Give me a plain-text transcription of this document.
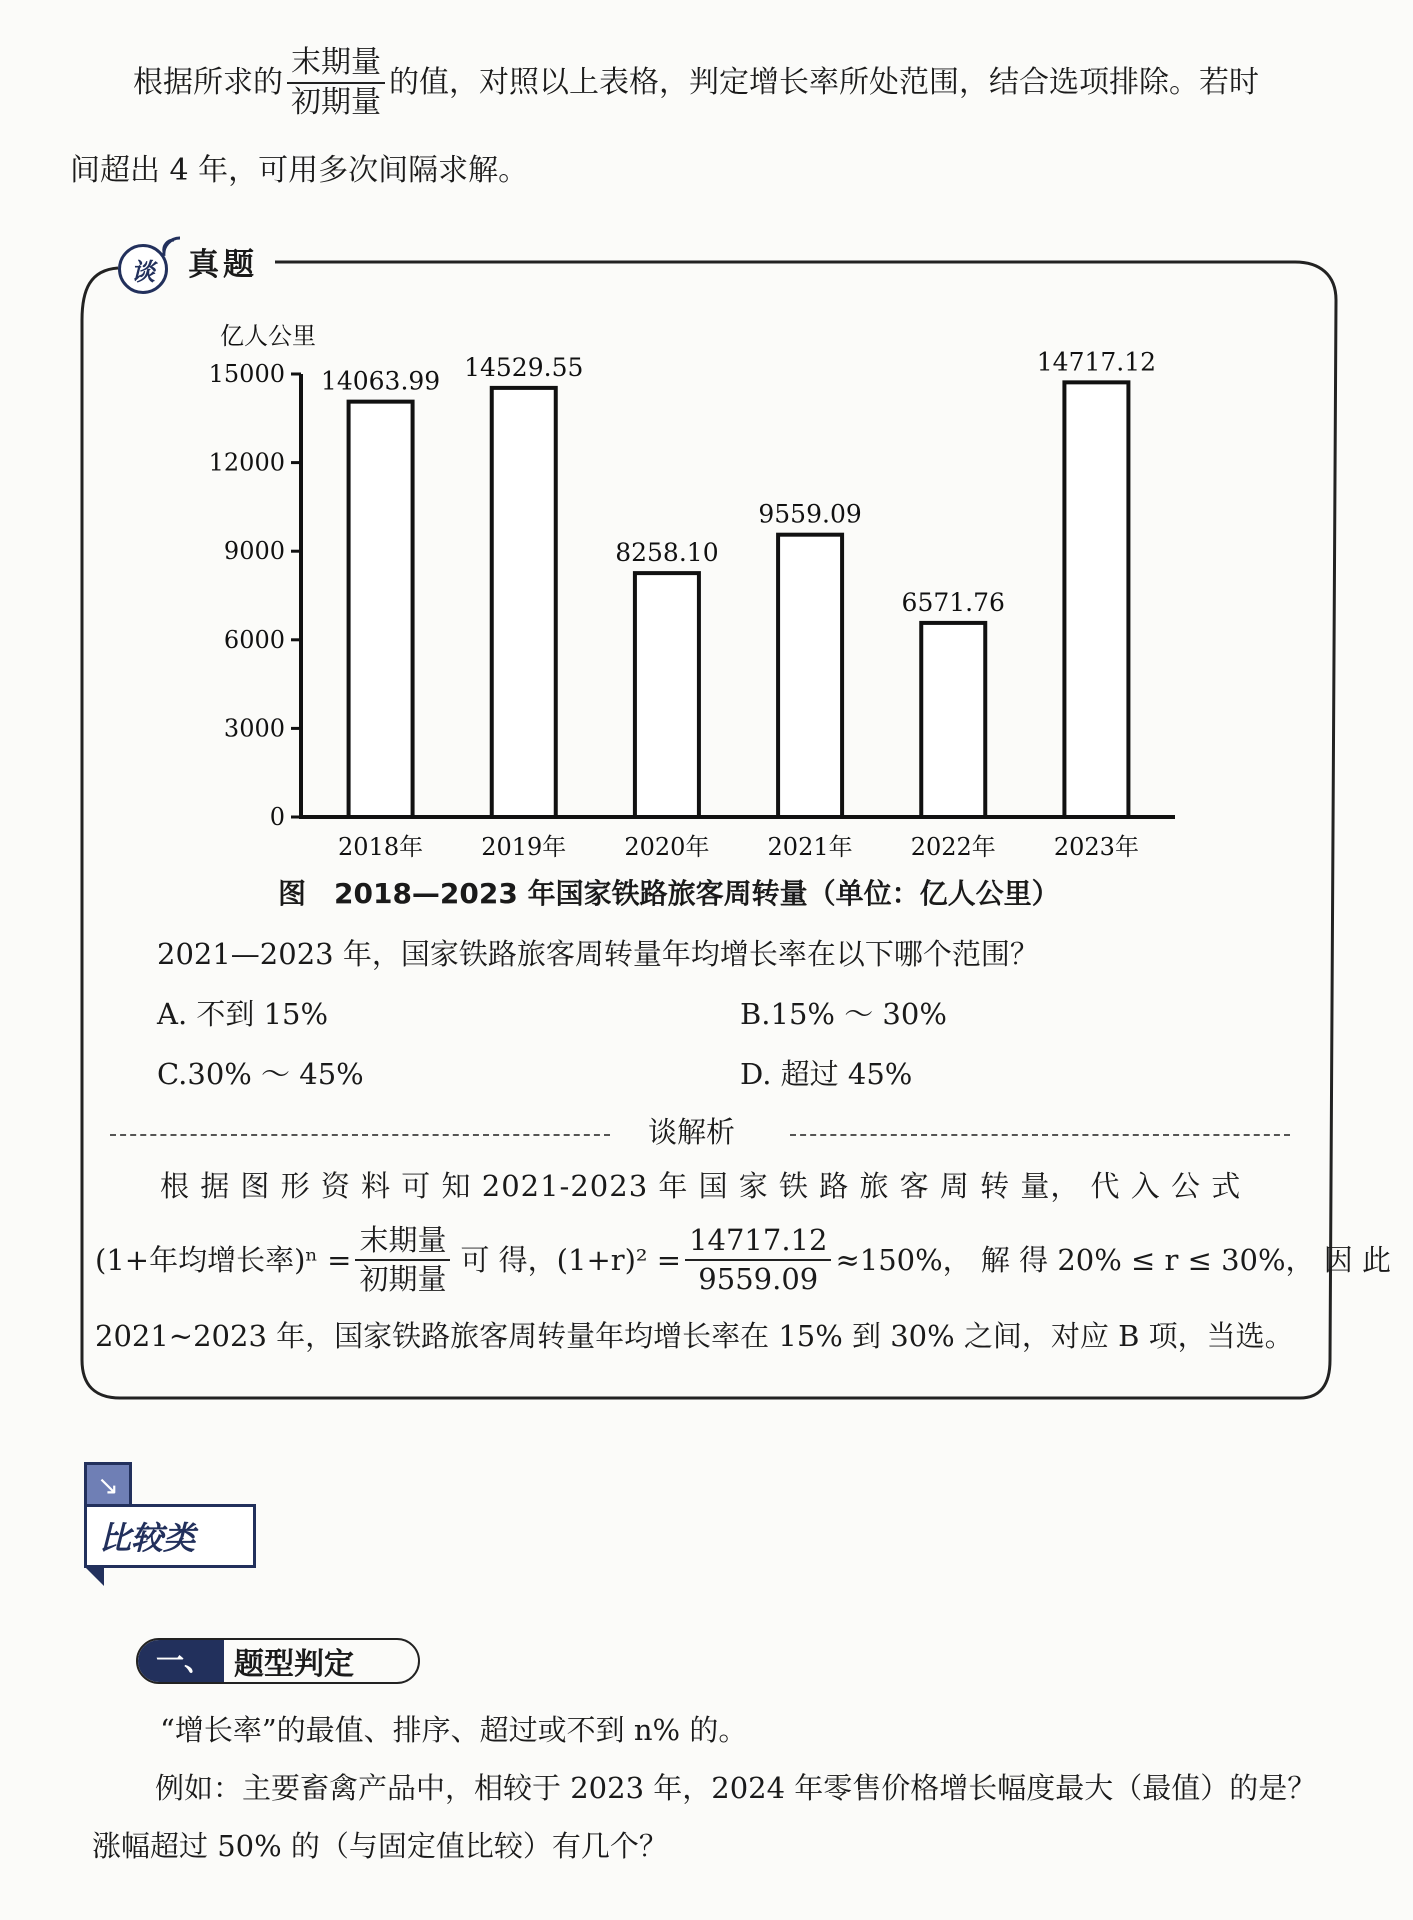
根据所求的 $\frac{\text{末期量}}{\text{初期量}}$ 的值，对照以上表格，判定增长率所处范围，结合选项排除。若时
间超出 4 年，可用多次间隔求解。
谈 真题
亿人公里
0
3000
6000
9000
12000
15000 14063.99 14529.55
8258.10
9559.09
6571.76
14717.12
2018年 2019年 2020年 2021年 2022年 2023年
图　2018—2023 年国家铁路旅客周转量（单位：亿人公里）
2021—2023 年，国家铁路旅客周转量年均增长率在以下哪个范围？
A. 不到 15%	B.15% ～ 30%
C.30% ～ 45%	D. 超过 45%
谈解析
根 据 图 形 资 料 可 知 2021-2023 年 国 家 铁 路 旅 客 周 转 量， 代 入 公 式
(1+年均增长率)$^n = \frac{\text{末期量}}{\text{初期量}}$ 可 得，$(1+r)^2 = \frac{14717.12}{9559.09} \approx 150\%$， 解 得 20% ≤ r ≤ 30%， 因 此
2021~2023 年，国家铁路旅客周转量年均增长率在 15% 到 30% 之间，对应 B 项，当选。
↘
比较类
一、 题型判定
“增长率”的最值、排序、超过或不到 n% 的。
例如：主要畜禽产品中，相较于 2023 年，2024 年零售价格增长幅度最大（最值）的是？
涨幅超过 50% 的（与固定值比较）有几个？
